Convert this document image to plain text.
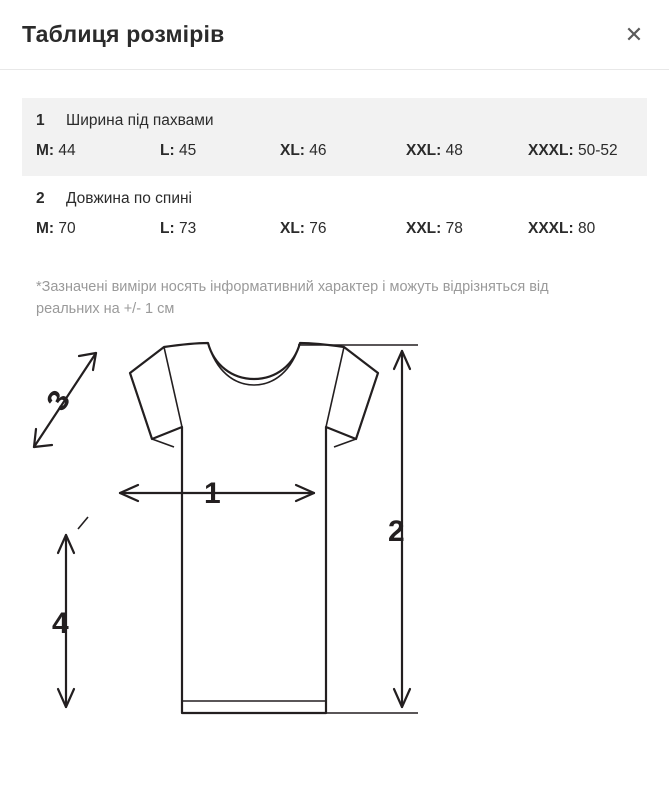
Таблиця розмірів	✕
1	Ширина під пахвами
M: 44	L: 45	XL: 46	XXL: 48	XXXL: 50-52
2	Довжина по спині
M: 70	L: 73	XL: 76	XXL: 78	XXXL: 80
*Зазначені виміри носять інформативний характер і можуть відрізняться від реальних на +/- 1 см
3
1
2
4
